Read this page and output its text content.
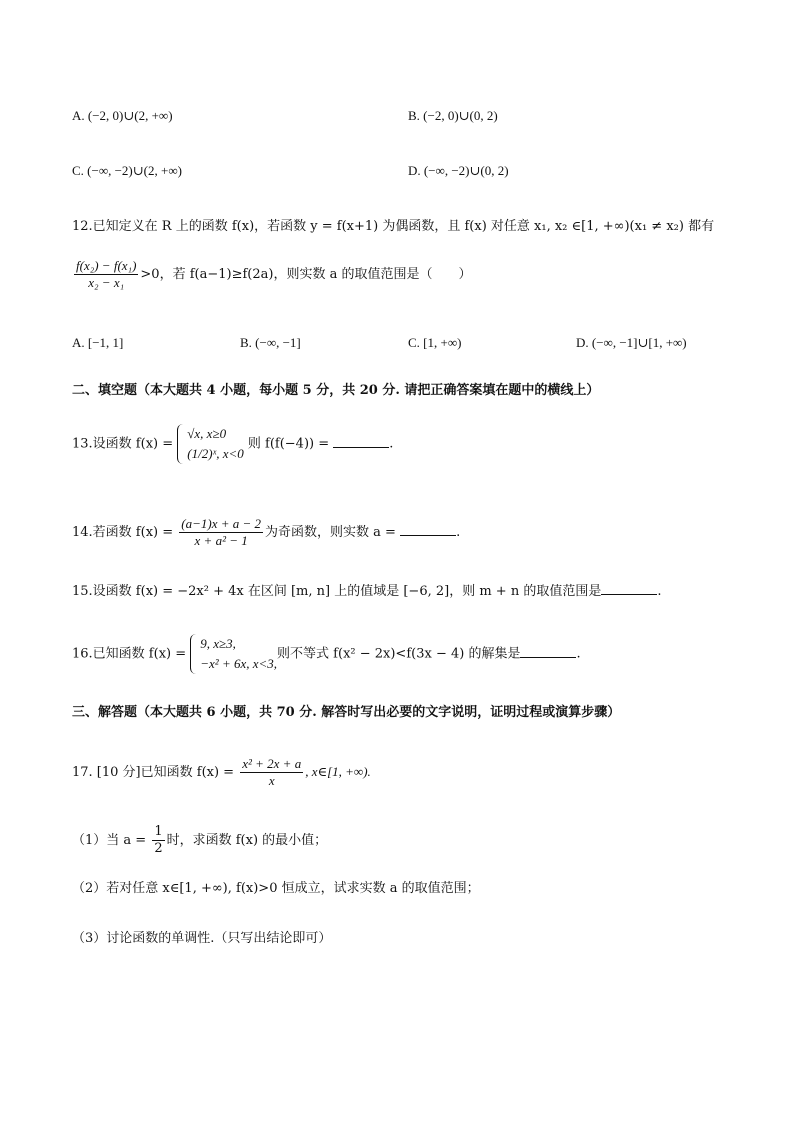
A. (−2, 0)∪(2, +∞)	B. (−2, 0)∪(0, 2)
C. (−∞, −2)∪(2, +∞)	D. (−∞, −2)∪(0, 2)
12.已知定义在 R 上的函数 f(x)，若函数 y = f(x+1) 为偶函数，且 f(x) 对任意 x₁, x₂ ∈[1, +∞)(x₁ ≠ x₂) 都有
$\frac{\text{f(x₂) − f(x₁)}}{\text{x₂ − x₁}} >0$，若 f(a−1)≥f(2a)，则实数 a 的取值范围是（　　）
A. [−1, 1]	B. (−∞, −1]	C. [1, +∞)	D. (−∞, −1]∪[1, +∞)
二、填空题（本大题共 4 小题，每小题 5 分，共 20 分. 请把正确答案填在题中的横线上）
13.设函数 f(x) =
√x, x≥0
(1/2)ˣ, x<0
则 f(f(−4)) =	.
14.若函数 $f(x) = \frac{(a-1)x + a - 2}{\text{x + a² − 1}}$ 为奇函数，则实数 a =	.
15.设函数 f(x) = −2x² + 4x 在区间 [m, n] 上的值域是 [−6, 2]，则 m + n 的取值范围是	.
16.已知函数 f(x) =
9, x≥3,
−x² + 6x, x<3,
则不等式 f(x² − 2x)<f(3x − 4) 的解集是	.
三、解答题（本大题共 6 小题，共 70 分. 解答时写出必要的文字说明，证明过程或演算步骤）
17. [10 分]已知函数 $f(x) = \frac{\text{x² + 2x + a}}{x}$ , x∈[1, +∞).
（1）当 $a = \frac{1}{2}$ 时，求函数 f(x) 的最小值；
（2）若对任意 x∈[1, +∞), f(x)>0 恒成立，试求实数 a 的取值范围；
（3）讨论函数的单调性.（只写出结论即可）
